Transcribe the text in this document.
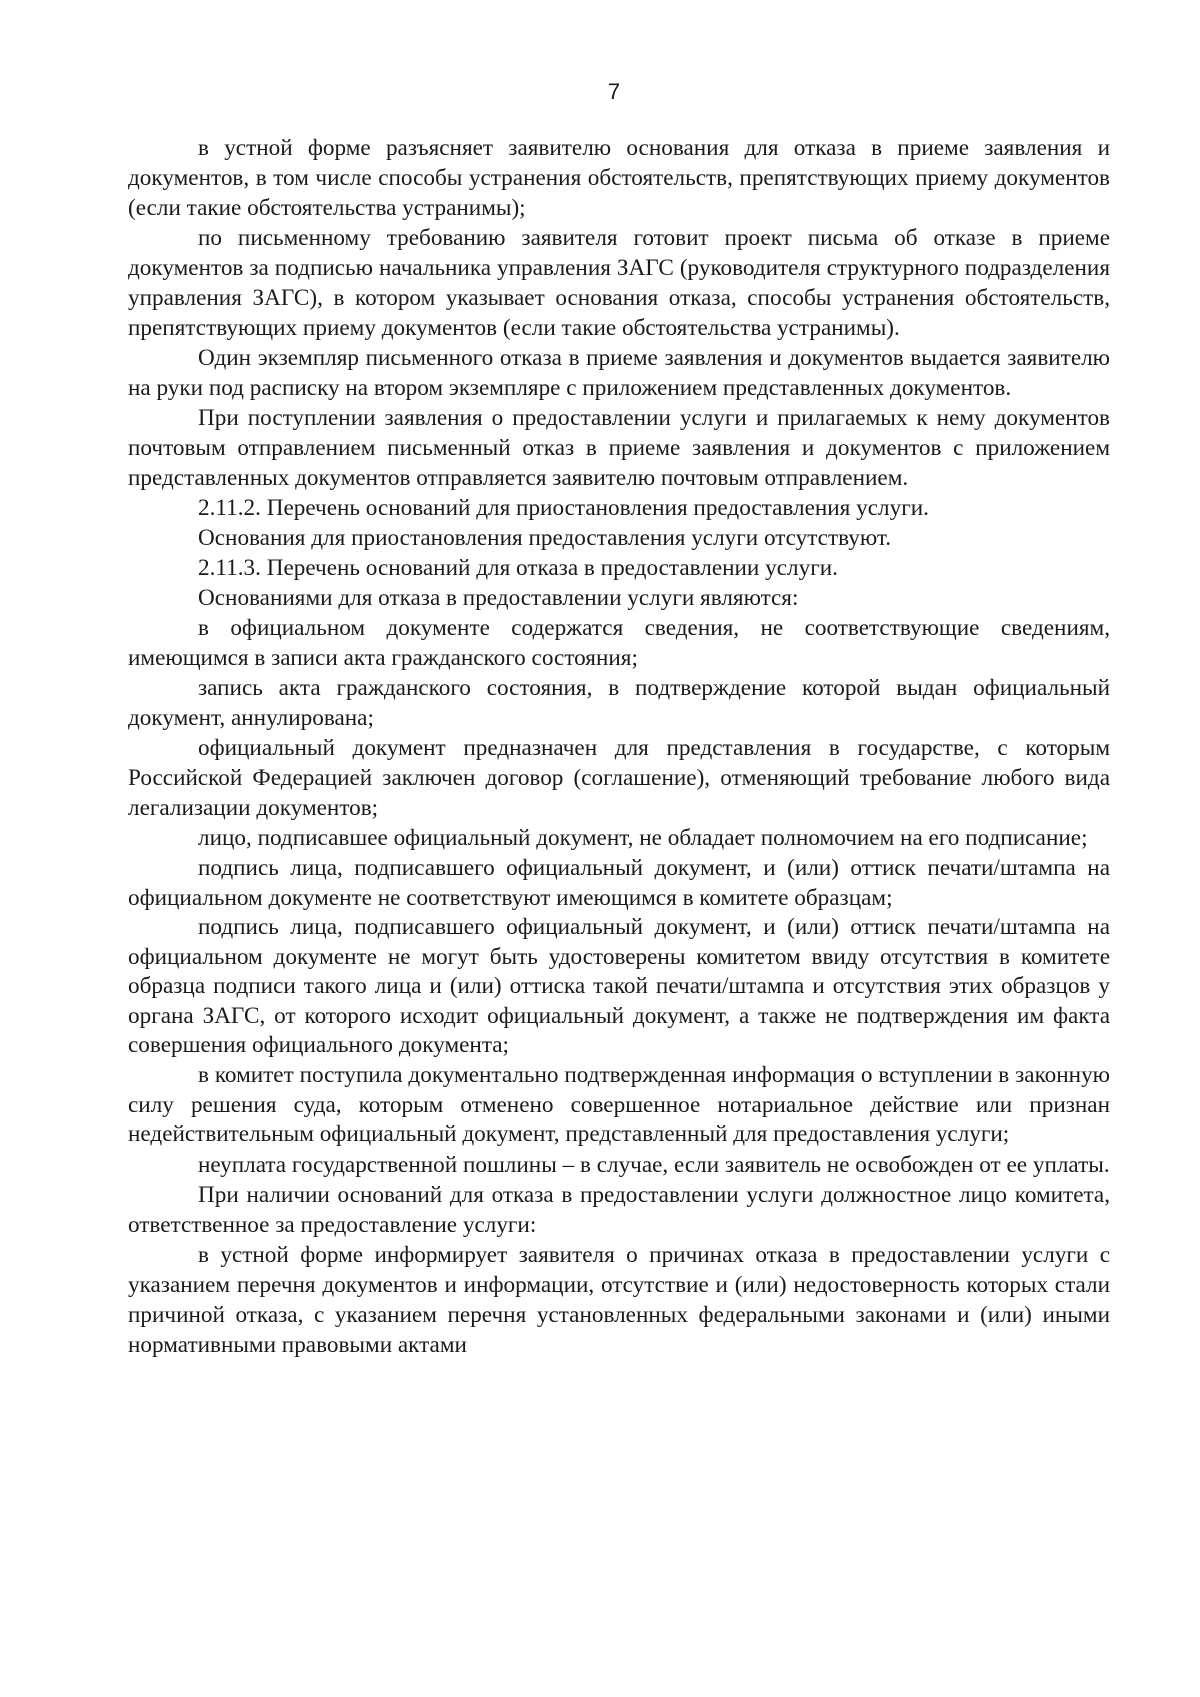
7

в устной форме разъясняет заявителю основания для отказа в приеме заявления и документов, в том числе способы устранения обстоятельств, препятствующих приему документов (если такие обстоятельства устранимы);

по письменному требованию заявителя готовит проект письма об отказе в приеме документов за подписью начальника управления ЗАГС (руководителя структурного подразделения управления ЗАГС), в котором указывает основания отказа, способы устранения обстоятельств, препятствующих приему документов (если такие обстоятельства устранимы).

Один экземпляр письменного отказа в приеме заявления и документов выдается заявителю на руки под расписку на втором экземпляре с приложением представленных документов.

При поступлении заявления о предоставлении услуги и прилагаемых к нему документов почтовым отправлением письменный отказ в приеме заявления и документов с приложением представленных документов отправляется заявителю почтовым отправлением.

2.11.2. Перечень оснований для приостановления предоставления услуги.

Основания для приостановления предоставления услуги отсутствуют.

2.11.3. Перечень оснований для отказа в предоставлении услуги.

Основаниями для отказа в предоставлении услуги являются:

в официальном документе содержатся сведения, не соответствующие сведениям, имеющимся в записи акта гражданского состояния;

запись акта гражданского состояния, в подтверждение которой выдан официальный документ, аннулирована;

официальный документ предназначен для представления в государстве, с которым Российской Федерацией заключен договор (соглашение), отменяющий требование любого вида легализации документов;

лицо, подписавшее официальный документ, не обладает полномочием на его подписание;

подпись лица, подписавшего официальный документ, и (или) оттиск печати/штампа на официальном документе не соответствуют имеющимся в комитете образцам;

подпись лица, подписавшего официальный документ, и (или) оттиск печати/штампа на официальном документе не могут быть удостоверены комитетом ввиду отсутствия в комитете образца подписи такого лица и (или) оттиска такой печати/штампа и отсутствия этих образцов у органа ЗАГС, от которого исходит официальный документ, а также не подтверждения им факта совершения официального документа;

в комитет поступила документально подтвержденная информация о вступлении в законную силу решения суда, которым отменено совершенное нотариальное действие или признан недействительным официальный документ, представленный для предоставления услуги;

неуплата государственной пошлины – в случае, если заявитель не освобожден от ее уплаты.

При наличии оснований для отказа в предоставлении услуги должностное лицо комитета, ответственное за предоставление услуги:

в устной форме информирует заявителя о причинах отказа в предоставлении услуги с указанием перечня документов и информации, отсутствие и (или) недостоверность которых стали причиной отказа, с указанием перечня установленных федеральными законами и (или) иными нормативными правовыми актами
